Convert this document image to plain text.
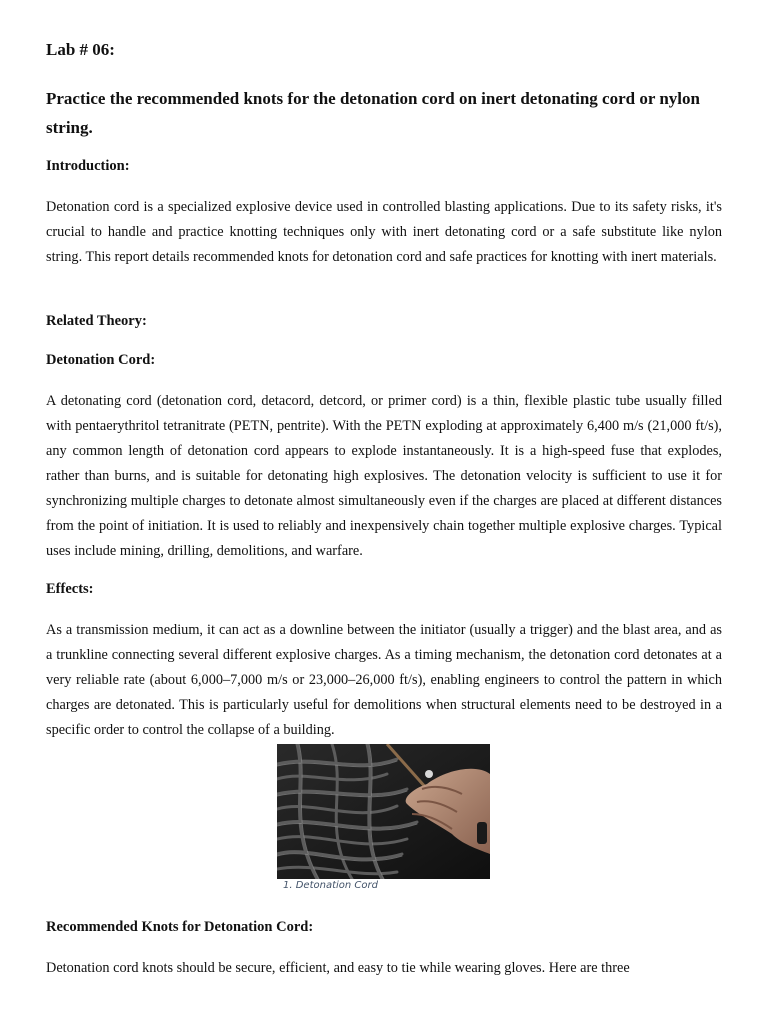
Lab # 06:
Practice the recommended knots for the detonation cord on inert detonating cord or nylon string.
Introduction:

Detonation cord is a specialized explosive device used in controlled blasting applications. Due to its safety risks, it's crucial to handle and practice knotting techniques only with inert detonating cord or a safe substitute like nylon string. This report details recommended knots for detonation cord and safe practices for knotting with inert materials.

Related Theory:
Detonation Cord:

A detonating cord (detonation cord, detacord, detcord, or primer cord) is a thin, flexible plastic tube usually filled with pentaerythritol tetranitrate (PETN, pentrite). With the PETN exploding at approximately 6,400 m/s (21,000 ft/s), any common length of detonation cord appears to explode instantaneously. It is a high-speed fuse that explodes, rather than burns, and is suitable for detonating high explosives. The detonation velocity is sufficient to use it for synchronizing multiple charges to detonate almost simultaneously even if the charges are placed at different distances from the point of initiation. It is used to reliably and inexpensively chain together multiple explosive charges. Typical uses include mining, drilling, demolitions, and warfare.

Effects:

As a transmission medium, it can act as a downline between the initiator (usually a trigger) and the blast area, and as a trunkline connecting several different explosive charges. As a timing mechanism, the detonation cord detonates at a very reliable rate (about 6,000–7,000 m/s or 23,000–26,000 ft/s), enabling engineers to control the pattern in which charges are detonated. This is particularly useful for demolitions when structural elements need to be destroyed in a specific order to control the collapse of a building.

1. Detonation Cord

Recommended Knots for Detonation Cord:

Detonation cord knots should be secure, efficient, and easy to tie while wearing gloves. Here are three
